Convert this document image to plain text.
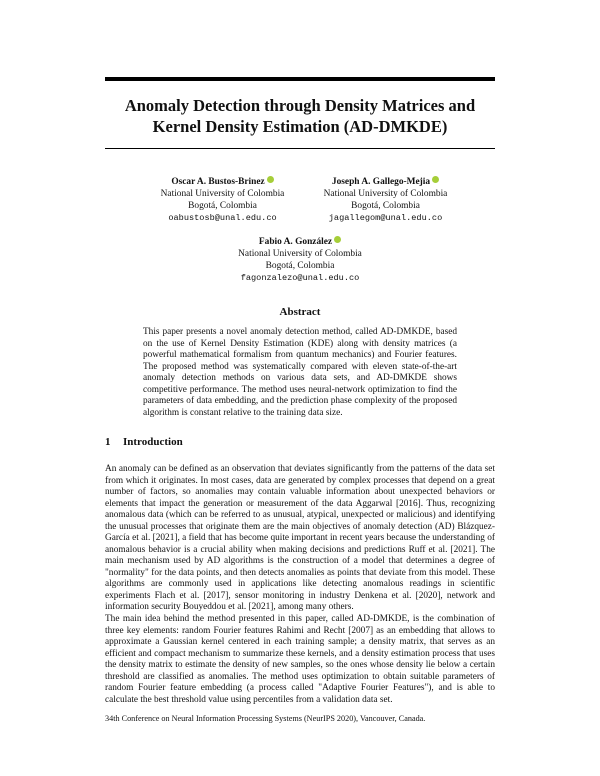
Anomaly Detection through Density Matrices and
Kernel Density Estimation (AD-DMKDE)
Oscar A. Bustos-Brinez
National University of Colombia
Bogotá, Colombia
oabustosb@unal.edu.co
Joseph A. Gallego-Mejia
National University of Colombia
Bogotá, Colombia
jagallegom@unal.edu.co
Fabio A. González
National University of Colombia
Bogotá, Colombia
fagonzalezo@unal.edu.co
Abstract

This paper presents a novel anomaly detection method, called AD-DMKDE, based on the use of Kernel Density Estimation (KDE) along with density matrices (a powerful mathematical formalism from quantum mechanics) and Fourier features. The proposed method was systematically compared with eleven state-of-the-art anomaly detection methods on various data sets, and AD-DMKDE shows competitive performance. The method uses neural-network optimization to find the parameters of data embedding, and the prediction phase complexity of the proposed algorithm is constant relative to the training data size.

1 Introduction

An anomaly can be defined as an observation that deviates significantly from the patterns of the data set from which it originates. In most cases, data are generated by complex processes that depend on a great number of factors, so anomalies may contain valuable information about unexpected behaviors or elements that impact the generation or measurement of the data Aggarwal [2016]. Thus, recognizing anomalous data (which can be referred to as unusual, atypical, unexpected or malicious) and identifying the unusual processes that originate them are the main objectives of anomaly detection (AD) Blázquez-García et al. [2021], a field that has become quite important in recent years because the understanding of anomalous behavior is a crucial ability when making decisions and predictions Ruff et al. [2021]. The main mechanism used by AD algorithms is the construction of a model that determines a degree of "normality" for the data points, and then detects anomalies as points that deviate from this model. These algorithms are commonly used in applications like detecting anomalous readings in scientific experiments Flach et al. [2017], sensor monitoring in industry Denkena et al. [2020], network and information security Bouyeddou et al. [2021], among many others.

The main idea behind the method presented in this paper, called AD-DMKDE, is the combination of three key elements: random Fourier features Rahimi and Recht [2007] as an embedding that allows to approximate a Gaussian kernel centered in each training sample; a density matrix, that serves as an efficient and compact mechanism to summarize these kernels, and a density estimation process that uses the density matrix to estimate the density of new samples, so the ones whose density lie below a certain threshold are classified as anomalies. The method uses optimization to obtain suitable parameters of random Fourier feature embedding (a process called "Adaptive Fourier Features"), and is able to calculate the best threshold value using percentiles from a validation data set.

34th Conference on Neural Information Processing Systems (NeurIPS 2020), Vancouver, Canada.
